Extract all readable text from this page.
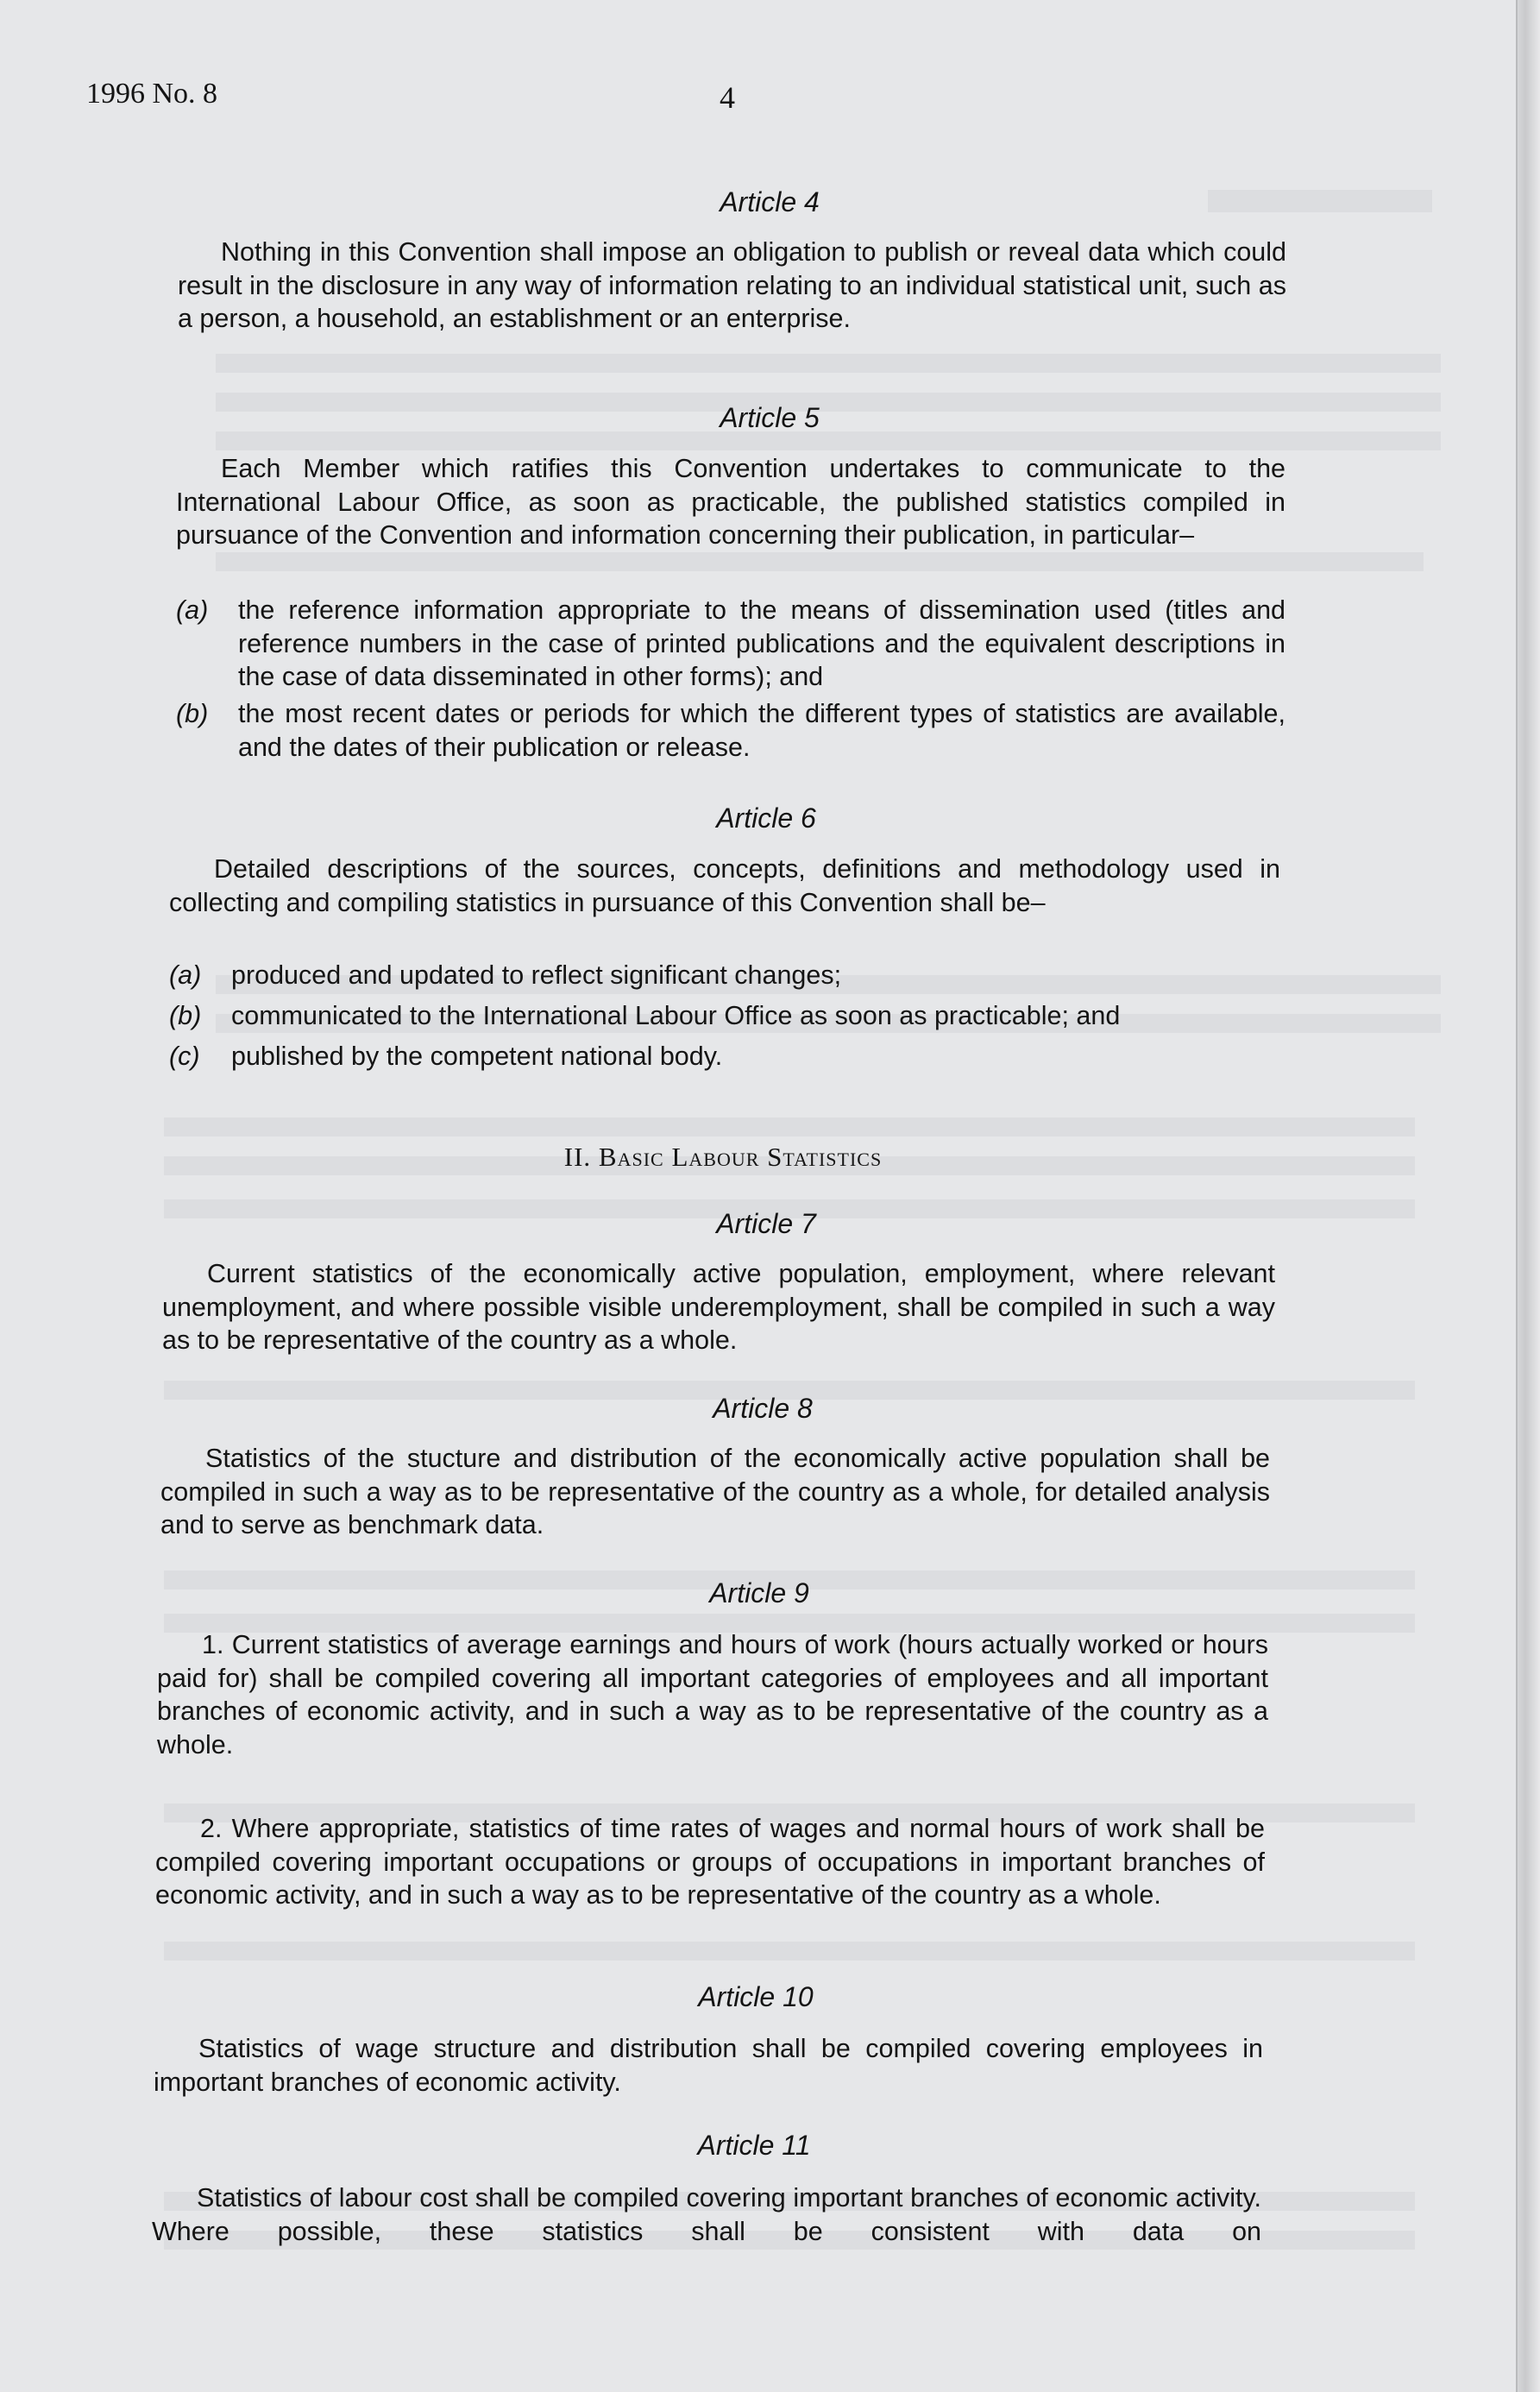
1996 No. 8	4
Article 4
Nothing in this Convention shall impose an obligation to publish or reveal data which could result in the disclosure in any way of information relating to an individual statistical unit, such as a person, a household, an establishment or an enterprise.
Article 5
Each Member which ratifies this Convention undertakes to communicate to the International Labour Office, as soon as practicable, the published statistics compiled in pursuance of the Convention and information concerning their publication, in particular–
(a) the reference information appropriate to the means of dissemination used (titles and reference numbers in the case of printed publications and the equivalent descriptions in the case of data disseminated in other forms); and
(b) the most recent dates or periods for which the different types of statistics are available, and the dates of their publication or release.
Article 6
Detailed descriptions of the sources, concepts, definitions and methodology used in collecting and compiling statistics in pursuance of this Convention shall be–
(a) produced and updated to reflect significant changes;
(b) communicated to the International Labour Office as soon as practicable; and
(c) published by the competent national body.
II. Basic Labour Statistics
Article 7
Current statistics of the economically active population, employment, where relevant unemployment, and where possible visible underemployment, shall be compiled in such a way as to be representative of the country as a whole.
Article 8
Statistics of the stucture and distribution of the economically active population shall be compiled in such a way as to be representative of the country as a whole, for detailed analysis and to serve as benchmark data.
Article 9
1. Current statistics of average earnings and hours of work (hours actually worked or hours paid for) shall be compiled covering all important categories of employees and all important branches of economic activity, and in such a way as to be representative of the country as a whole.
2. Where appropriate, statistics of time rates of wages and normal hours of work shall be compiled covering important occupations or groups of occupations in important branches of economic activity, and in such a way as to be representative of the country as a whole.
Article 10
Statistics of wage structure and distribution shall be compiled covering employees in important branches of economic activity.
Article 11
Statistics of labour cost shall be compiled covering important branches of economic activity. Where possible, these statistics shall be consistent with data on
